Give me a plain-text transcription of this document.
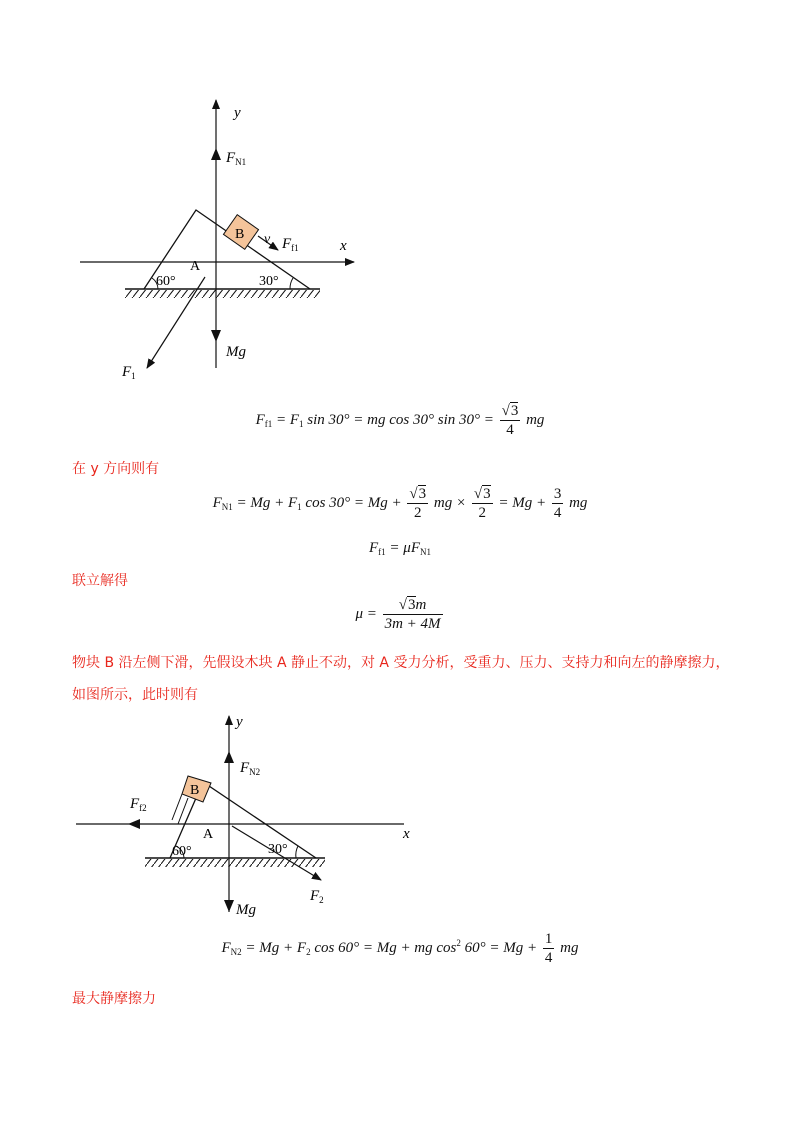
y
x
$F_{N1}$
B v $F_{f1}$
A
60°	30°
Mg
$F_1$
$F_{f1} = F_1$ sin 30° = mg cos 30° $\sin 30^\circ = \frac{√3}{4}$ mg
在 y 方向则有
$F_{N1} = Mg + F_1$ $\cos 30^\circ = Mg + \frac{√3}{2}$ mg × $\frac{√3}{2} = Mg + \frac{3}{4}$ mg
$F_{f1} = \mu F_{N1}$
联立解得
$\mu = \frac{√3m}{3m + 4M}$
物块 B 沿左侧下滑，先假设木块 A 静止不动，对 A 受力分析，受重力、压力、支持力和向左的静摩擦力，
如图所示，此时则有
y
x
$F_{N2}$
B
$F_{f2}$
A
60°	30°
Mg
$F_2$
$F_{N2} = Mg + F_2$ cos 60° = Mg + mg $\cos^2 60^\circ = Mg + \frac{1}{4}$ mg
最大静摩擦力
